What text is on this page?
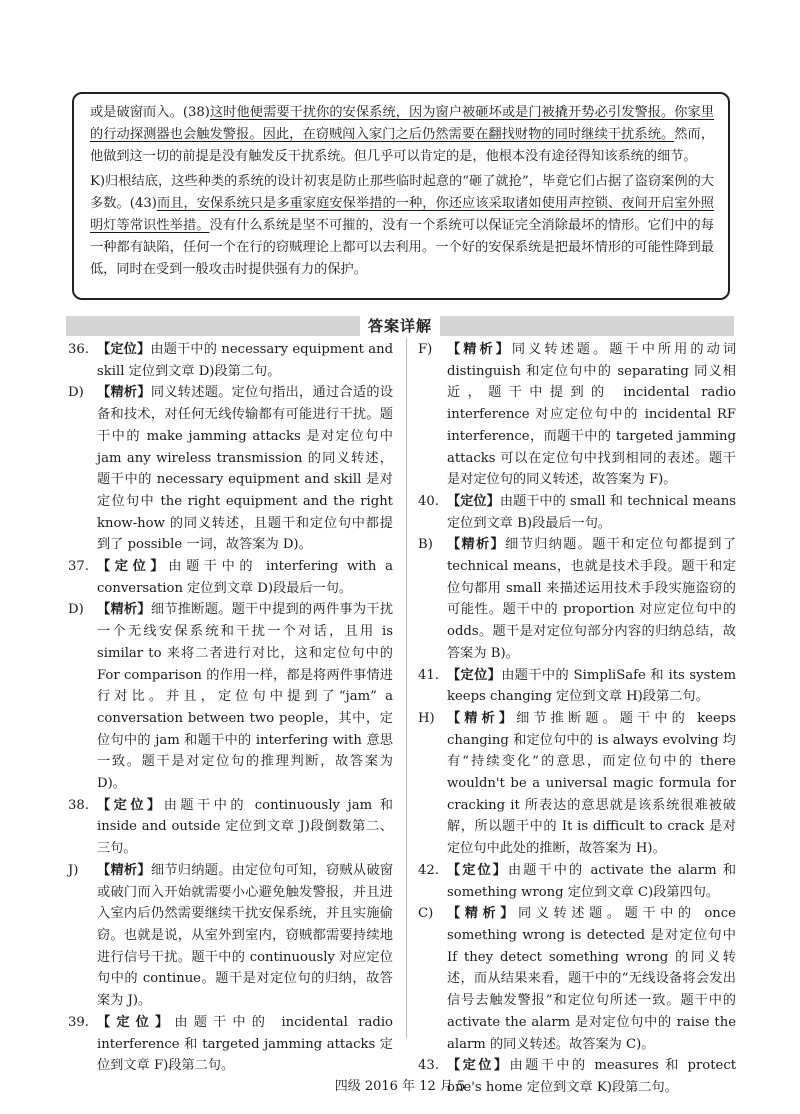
或是破窗而入。(38)这时他便需要干扰你的安保系统，因为窗户被砸坏或是门被撬开势必引发警报。你家里的行动探测器也会触发警报。因此，在窃贼闯入家门之后仍然需要在翻找财物的同时继续干扰系统。然而，他做到这一切的前提是没有触发反干扰系统。但几乎可以肯定的是，他根本没有途径得知该系统的细节。

K)归根结底，这些种类的系统的设计初衷是防止那些临时起意的“砸了就抢”，毕竟它们占据了盗窃案例的大多数。(43)而且，安保系统只是多重家庭安保举措的一种，你还应该采取诸如使用声控锁、夜间开启室外照明灯等常识性举措。没有什么系统是坚不可摧的，没有一个系统可以保证完全消除最坏的情形。它们中的每一种都有缺陷，任何一个在行的窃贼理论上都可以去利用。一个好的安保系统是把最坏情形的可能性降到最低，同时在受到一般攻击时提供强有力的保护。

答案详解
36. 【定位】由题干中的 necessary equipment and skill 定位到文章 D)段第二句。
D)	【精析】同义转述题。定位句指出，通过合适的设备和技术，对任何无线传输都有可能进行干扰。题干中的 make jamming attacks 是对定位句中 jam any wireless transmission 的同义转述，题干中的 necessary equipment and skill 是对定位句中 the right equipment and the right know-how 的同义转述，且题干和定位句中都提到了 possible 一词，故答案为 D)。
37. 【定位】由题干中的 interfering with a conversation 定位到文章 D)段最后一句。
D)	【精析】细节推断题。题干中提到的两件事为干扰一个无线安保系统和干扰一个对话，且用 is similar to 来将二者进行对比，这和定位句中的 For comparison 的作用一样，都是将两件事情进行对比。并且，定位句中提到了“jam” a conversation between two people，其中，定位句中的 jam 和题干中的 interfering with 意思一致。题干是对定位句的推理判断，故答案为 D)。
38. 【定位】由题干中的 continuously jam 和 inside and outside 定位到文章 J)段倒数第二、三句。
J)	【精析】细节归纳题。由定位句可知，窃贼从破窗或破门而入开始就需要小心避免触发警报，并且进入室内后仍然需要继续干扰安保系统，并且实施偷窃。也就是说，从室外到室内，窃贼都需要持续地进行信号干扰。题干中的 continuously 对应定位句中的 continue。题干是对定位句的归纳，故答案为 J)。
39. 【定位】由题干中的 incidental radio interference 和 targeted jamming attacks 定位到文章 F)段第二句。
F)	【精析】同义转述题。题干中所用的动词 distinguish 和定位句中的 separating 同义相近，题干中提到的 incidental radio interference 对应定位句中的 incidental RF interference，而题干中的 targeted jamming attacks 可以在定位句中找到相同的表述。题干是对定位句的同义转述，故答案为 F)。
40. 【定位】由题干中的 small 和 technical means 定位到文章 B)段最后一句。
B)	【精析】细节归纳题。题干和定位句都提到了 technical means，也就是技术手段。题干和定位句都用 small 来描述运用技术手段实施盗窃的可能性。题干中的 proportion 对应定位句中的 odds。题干是对定位句部分内容的归纳总结，故答案为 B)。
41. 【定位】由题干中的 SimpliSafe 和 its system keeps changing 定位到文章 H)段第二句。
H) 【精析】细节推断题。题干中的 keeps changing 和定位句中的 is always evolving 均有“持续变化”的意思，而定位句中的 there wouldn't be a universal magic formula for cracking it 所表达的意思就是该系统很难被破解，所以题干中的 It is difficult to crack 是对定位句中此处的推断，故答案为 H)。
42. 【定位】由题干中的 activate the alarm 和 something wrong 定位到文章 C)段第四句。
C)	【精析】同义转述题。题干中的 once something wrong is detected 是对定位句中 If they detect something wrong 的同义转述，而从结果来看，题干中的“无线设备将会发出信号去触发警报”和定位句所述一致。题干中的 activate the alarm 是对定位句中的 raise the alarm 的同义转述。故答案为 C)。
43. 【定位】由题干中的 measures 和 protect one's home 定位到文章 K)段第二句。
四级 2016 年 12 月 5
